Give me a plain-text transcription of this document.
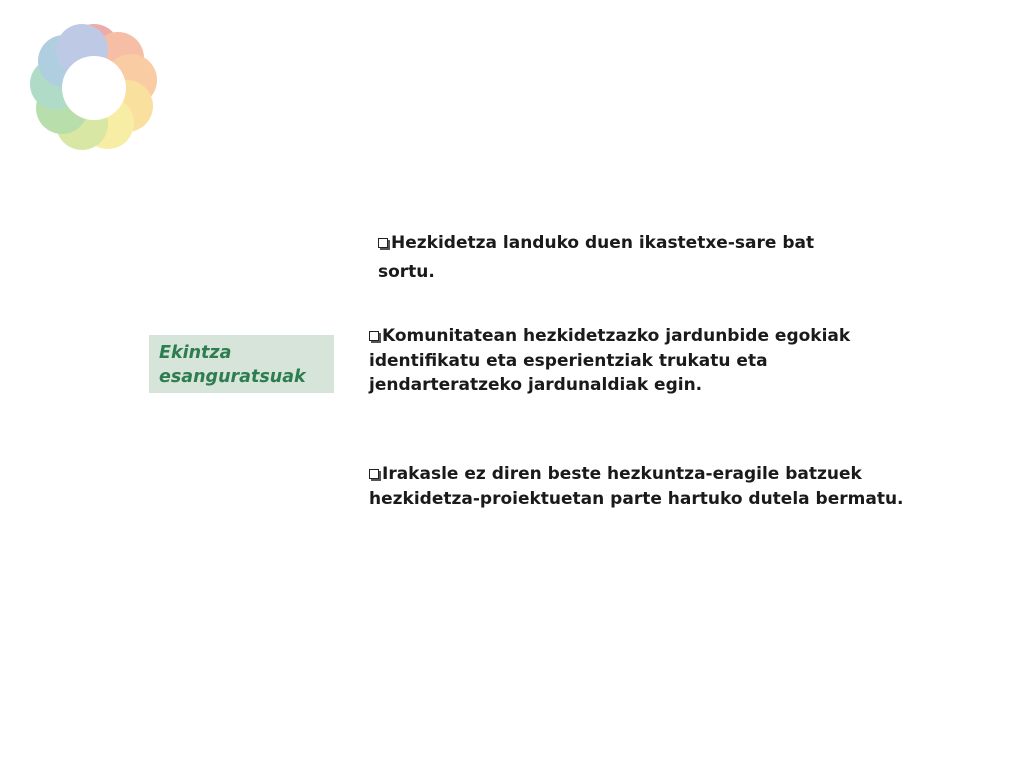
Ekintza
esanguratsuak
Hezkidetza landuko duen ikastetxe-sare bat sortu.
Komunitatean hezkidetzazko jardunbide egokiak identifikatu eta esperientziak trukatu eta jendarteratzeko jardunaldiak egin.
Irakasle ez diren beste hezkuntza-eragile batzuek hezkidetza-proiektuetan parte hartuko dutela bermatu.
